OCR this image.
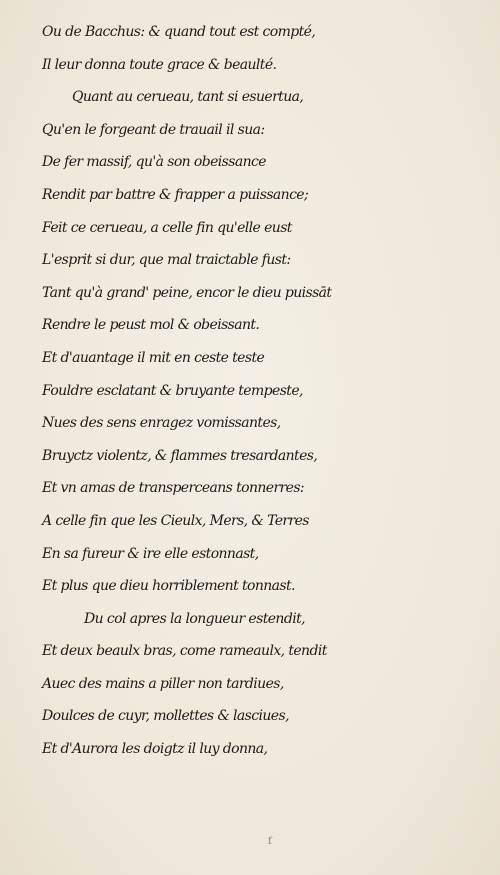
Ou de Bacchus: & quand tout est compté,
Il leur donna toute grace & beaulté.
Quant au cerueau, tant si esuertua,
Qu'en le forgeant de trauail il sua:
De fer massif, qu'à son obeissance
Rendit par battre & frapper a puissance;
Feit ce cerueau, a celle fin qu'elle eust
L'esprit si dur, que mal traictable fust:
Tant qu'à grand' peine, encor le dieu puissāt
Rendre le peust mol & obeissant.
Et d'auantage il mit en ceste teste
Fouldre esclatant & bruyante tempeste,
Nues des sens enragez vomissantes,
Bruyctz violentz, & flammes tresardantes,
Et vn amas de transperceans tonnerres:
A celle fin que les Cieulx, Mers, & Terres
En sa fureur & ire elle estonnast,
Et plus que dieu horriblement tonnast.
Du col apres la longueur estendit,
Et deux beaulx bras, come rameaulx, tendit
Auec des mains a piller non tardiues,
Doulces de cuyr, mollettes & lasciues,
Et d'Aurora les doigtz il luy donna,
f
